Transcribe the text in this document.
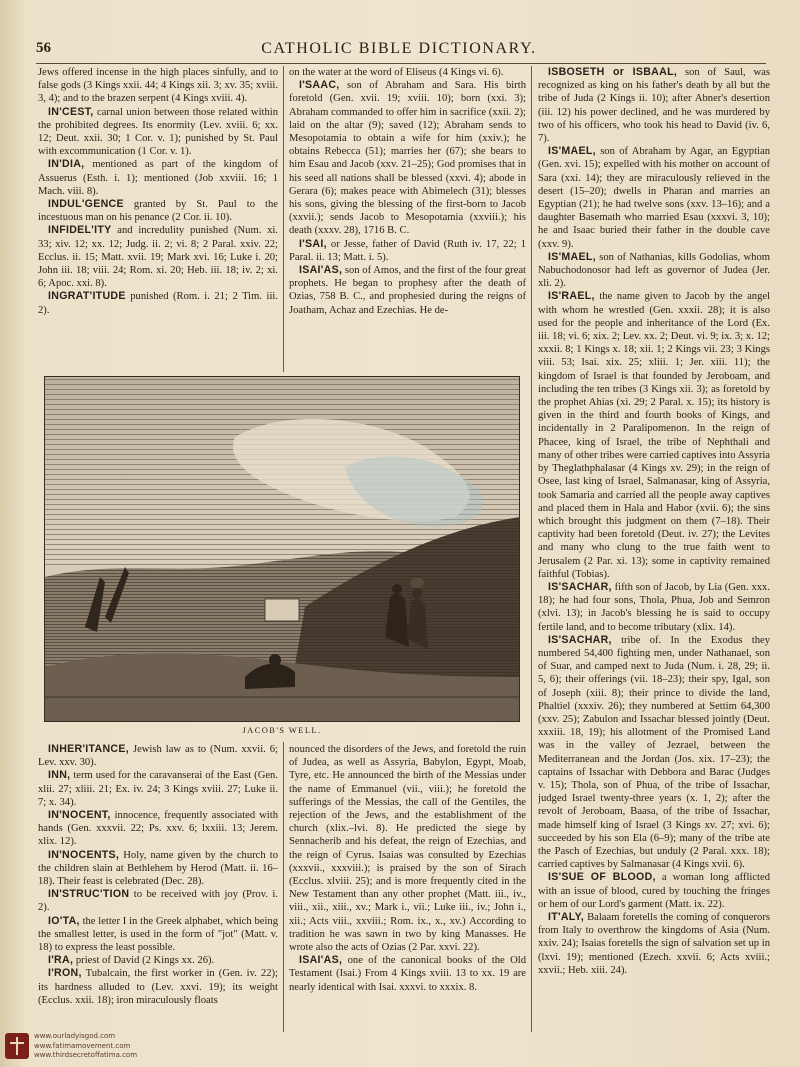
56	CATHOLIC BIBLE DICTIONARY.

Jews offered incense in the high places sinfully, and to false gods (3 Kings xxii. 44; 4 Kings xii. 3; xv. 35; xviii. 3, 4); and to the brazen serpent (4 Kings xviii. 4).

IN'CEST, carnal union between those related within the prohibited degrees. Its enormity (Lev. xviii. 6; xx. 12; Deut. xxii. 30; 1 Cor. v. 1); punished by St. Paul with excommunication (1 Cor. v. 1).

IN'DIA, mentioned as part of the kingdom of Assuerus (Esth. i. 1); mentioned (Job xxviii. 16; 1 Mach. viii. 8).

INDUL'GENCE granted by St. Paul to the incestuous man on his penance (2 Cor. ii. 10).

INFIDEL'ITY and incredulity punished (Num. xi. 33; xiv. 12; xx. 12; Judg. ii. 2; vi. 8; 2 Paral. xxiv. 22; Ecclus. ii. 15; Matt. xvii. 19; Mark xvi. 16; Luke i. 20; John iii. 18; viii. 24; Rom. xi. 20; Heb. iii. 18; iv. 2; xi. 6; Apoc. xxi. 8).

INGRAT'ITUDE punished (Rom. i. 21; 2 Tim. iii. 2).

on the water at the word of Eliseus (4 Kings vi. 6).

I'SAAC, son of Abraham and Sara. His birth foretold (Gen. xvii. 19; xviii. 10); born (xxi. 3); Abraham commanded to offer him in sacrifice (xxii. 2); laid on the altar (9); saved (12); Abraham sends to Mesopotamia to obtain a wife for him (xxiv.); he obtains Rebecca (51); marries her (67); she bears to him Esau and Jacob (xxv. 21–25); God promises that in his seed all nations shall be blessed (xxvi. 4); abode in Gerara (6); makes peace with Abimelech (31); blesses his sons, giving the blessing of the first-born to Jacob (xxvii.); sends Jacob to Mesopotamia (xxviii.); his death (xxxv. 28), 1716 B. C.

I'SAI, or Jesse, father of David (Ruth iv. 17, 22; 1 Paral. ii. 13; Matt. i. 5).

ISAI'AS, son of Amos, and the first of the four great prophets. He began to prophesy after the death of Ozias, 758 B. C., and prophesied during the reigns of Joatham, Achaz and Ezechias. He de-

ISBOSETH or ISBAAL, son of Saul, was recognized as king on his father's death by all but the tribe of Juda (2 Kings ii. 10); after Abner's desertion (iii. 12) his power declined, and he was murdered by two of his officers, who took his head to David (iv. 6, 7).

IS'MAEL, son of Abraham by Agar, an Egyptian (Gen. xvi. 15); expelled with his mother on account of Sara (xxi. 14); they are miraculously relieved in the desert (15–20); dwells in Pharan and marries an Egyptian (21); he had twelve sons (xxv. 13–16); and a daughter Basemath who married Esau (xxxvi. 3, 10); he and Isaac buried their father in the double cave (xxv. 9).

IS'MAEL, son of Nathanias, kills Godolias, whom Nabuchodonosor had left as governor of Judea (Jer. xli. 2).

IS'RAEL, the name given to Jacob by the angel with whom he wrestled (Gen. xxxii. 28); it is also used for the people and inheritance of the Lord (Ex. iii. 18; vi. 6; xix. 2; Lev. xx. 2; Deut. vi. 9; ix. 3; x. 12; xxxii. 8; 1 Kings x. 18; xii. 1; 2 Kings vii. 23; 3 Kings viii. 53; Isai. xix. 25; xliii. 1; Jer. xiii. 11); the kingdom of Israel is that founded by Jeroboam, and including the ten tribes (3 Kings xii. 3); as foretold by the prophet Ahias (xi. 29; 2 Paral. x. 15); its history is given in the third and fourth books of Kings, and incidentally in 2 Paralipomenon. In the reign of Phacee, king of Israel, the tribe of Nephthali and many of other tribes were carried captives into Assyria by Theglathphalasar (4 Kings xv. 29); in the reign of Osee, last king of Israel, Salmanasar, king of Assyria, took Samaria and carried all the people away captives and placed them in Hala and Habor (xvii. 6); the sins which brought this judgment on them (7–18). Their captivity had been foretold (Deut. iv. 27); the Levites and many who clung to the true faith went to Jerusalem (2 Par. xi. 13); some in captivity remained faithful (Tobias).

IS'SACHAR, fifth son of Jacob, by Lia (Gen. xxx. 18); he had four sons, Thola, Phua, Job and Semron (xlvi. 13); in Jacob's blessing he is said to occupy fertile land, and to become tributary (xlix. 14).

IS'SACHAR, tribe of. In the Exodus they numbered 54,400 fighting men, under Nathanael, son of Suar, and camped next to Juda (Num. i. 28, 29; ii. 5, 6); their offerings (vii. 18–23); their spy, Igal, son of Joseph (xiii. 8); their prince to divide the land, Phaltiel (xxxiv. 26); they numbered at Settim 64,300 (xxv. 25); Zabulon and Issachar blessed jointly (Deut. xxxiii. 18, 19); his allotment of the Promised Land was in the valley of Jezrael, between the Mediterranean and the Jordan (Jos. xix. 17–23); the captains of Issachar with Debbora and Barac (Judges v. 15); Thola, son of Phua, of the tribe of Issachar, judged Israel twenty-three years (x. 1, 2); after the revolt of Jeroboam, Baasa, of the tribe of Issachar, made himself king of Israel (3 Kings xv. 27; xvi. 6); succeeded by his son Ela (6–9); many of the tribe ate the Pasch of Ezechias, but unduly (2 Paral. xxx. 18); carried captives by Salmanasar (4 Kings xvii. 6).

IS'SUE OF BLOOD, a woman long afflicted with an issue of blood, cured by touching the fringes or hem of our Lord's garment (Matt. ix. 22).

IT'ALY, Balaam foretells the coming of conquerors from Italy to overthrow the kingdoms of Asia (Num. xxiv. 24); Isaias foretells the sign of salvation set up in (lxvi. 19); mentioned (Ezech. xxvii. 6; Acts xviii.; xxvii.; Heb. xiii. 24).

INHER'ITANCE, Jewish law as to (Num. xxvii. 6; Lev. xxv. 30).

INN, term used for the caravanserai of the East (Gen. xlii. 27; xliii. 21; Ex. iv. 24; 3 Kings xviii. 27; Luke ii. 7; x. 34).

IN'NOCENT, innocence, frequently associated with hands (Gen. xxxvii. 22; Ps. xxv. 6; lxxiii. 13; Jerem. xlix. 12).

IN'NOCENTS, Holy, name given by the church to the children slain at Bethlehem by Herod (Matt. ii. 16–18). Their feast is celebrated (Dec. 28).

IN'STRUC'TION to be received with joy (Prov. i. 2).

IO'TA, the letter I in the Greek alphabet, which being the smallest letter, is used in the form of "jot" (Matt. v. 18) to express the least possible.

I'RA, priest of David (2 Kings xx. 26).

I'RON, Tubalcain, the first worker in (Gen. iv. 22); its hardness alluded to (Lev. xxvi. 19); its weight (Ecclus. xxii. 18); iron miraculously floats

nounced the disorders of the Jews, and foretold the ruin of Judea, as well as Assyria, Babylon, Egypt, Moab, Tyre, etc. He announced the birth of the Messias under the name of Emmanuel (vii., viii.); he foretold the sufferings of the Messias, the call of the Gentiles, the rejection of the Jews, and the establishment of the church (xlix.–lvi. 8). He predicted the siege by Sennacherib and his defeat, the reign of Ezechias, and the reign of Cyrus. Isaias was consulted by Ezechias (xxxvii., xxxviii.); is praised by the son of Sirach (Ecclus. xlviii. 25); and is more frequently cited in the New Testament than any other prophet (Matt. iii., iv., viii., xii., xiii., xv.; Mark i., vii.; Luke iii., iv.; John i., xii.; Acts viii., xxviii.; Rom. ix., x., xv.) According to tradition he was sawn in two by king Manasses. He wrote also the acts of Ozias (2 Par. xxvi. 22).

ISAI'AS, one of the canonical books of the Old Testament (Isai.) From 4 Kings xviii. 13 to xx. 19 are nearly identical with Isai. xxxvi. to xxxix. 8.

JACOB'S WELL.
www.ourladyisgod.com
www.fatimamovement.com
www.thirdsecretoffatima.com
